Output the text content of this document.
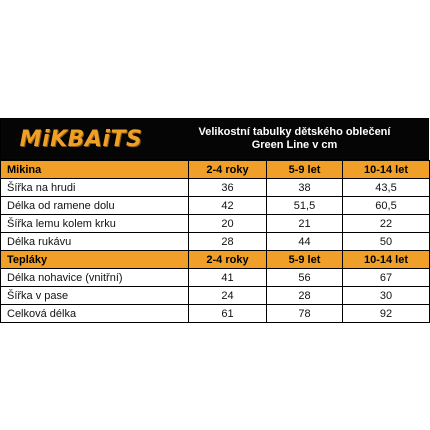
MiKBAiTS	Velikostní tabulky dětského oblečení
Green Line v cm
Mikina	2-4 roky	5-9 let	10-14 let
Šířka na hrudi	36	38	43,5
Délka od ramene dolu	42	51,5	60,5
Šířka lemu kolem krku	20	21	22
Délka rukávu	28	44	50
Tepláky	2-4 roky	5-9 let	10-14 let
Délka nohavice (vnitřní)	41	56	67
Šířka v pase	24	28	30
Celková délka	61	78	92
